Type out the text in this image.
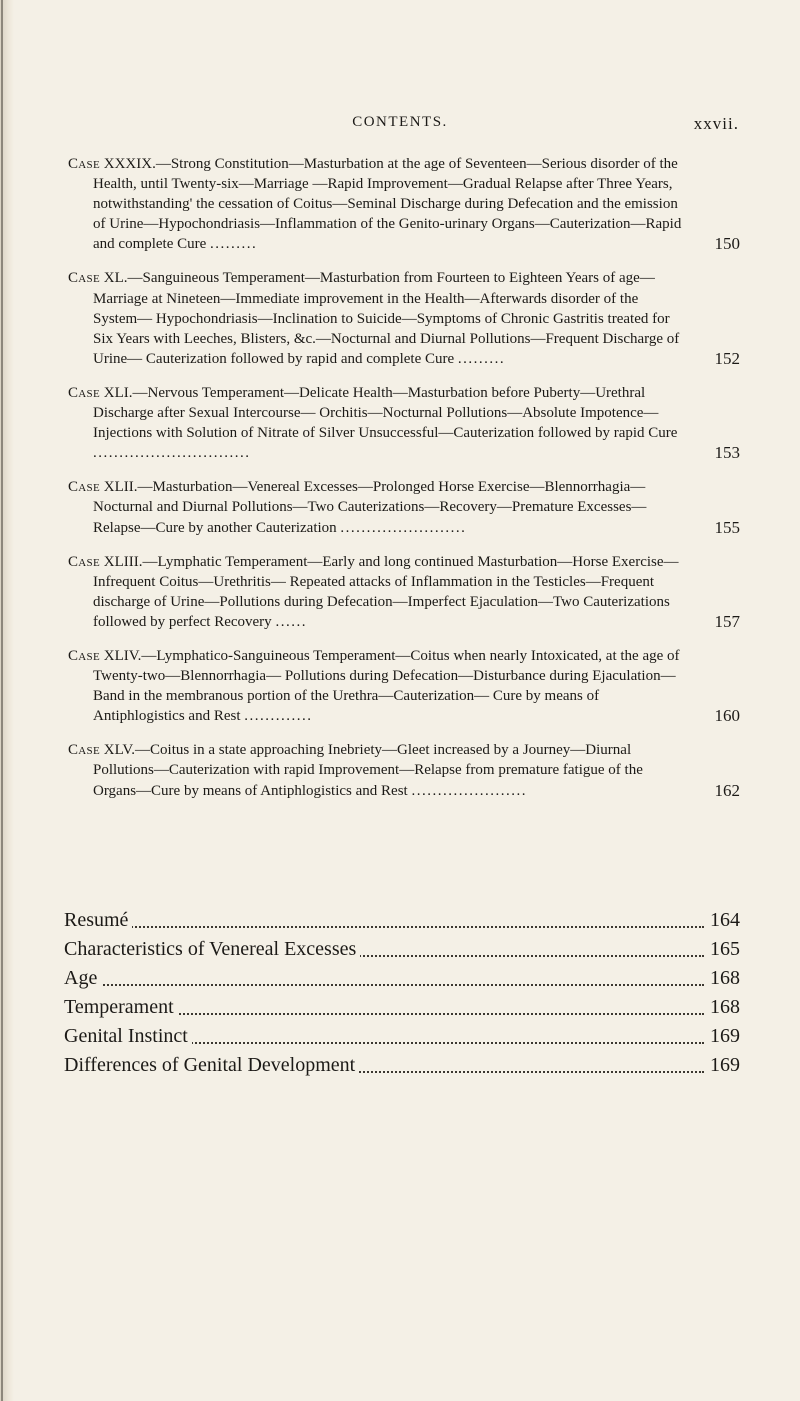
CONTENTS.	xxvii.
Case XXXIX.—Strong Constitution—Masturbation at the age of Seventeen—Serious disorder of the Health, until Twenty-six—Marriage —Rapid Improvement—Gradual Relapse after Three Years, notwithstanding' the cessation of Coitus—Seminal Discharge during Defecation and the emission of Urine—Hypochondriasis—Inflammation of the Genito-urinary Organs—Cauterization—Rapid and complete Cure .........	150
Case XL.—Sanguineous Temperament—Masturbation from Fourteen to Eighteen Years of age—Marriage at Nineteen—Immediate improvement in the Health—Afterwards disorder of the System— Hypochondriasis—Inclination to Suicide—Symptoms of Chronic Gastritis treated for Six Years with Leeches, Blisters, &c.—Nocturnal and Diurnal Pollutions—Frequent Discharge of Urine— Cauterization followed by rapid and complete Cure .........	152
Case XLI.—Nervous Temperament—Delicate Health—Masturbation before Puberty—Urethral Discharge after Sexual Intercourse— Orchitis—Nocturnal Pollutions—Absolute Impotence—Injections with Solution of Nitrate of Silver Unsuccessful—Cauterization followed by rapid Cure ..............................	153
Case XLII.—Masturbation—Venereal Excesses—Prolonged Horse Exercise—Blennorrhagia—Nocturnal and Diurnal Pollutions—Two Cauterizations—Recovery—Premature Excesses—Relapse—Cure by another Cauterization ........................	155
Case XLIII.—Lymphatic Temperament—Early and long continued Masturbation—Horse Exercise—Infrequent Coitus—Urethritis— Repeated attacks of Inflammation in the Testicles—Frequent discharge of Urine—Pollutions during Defecation—Imperfect Ejaculation—Two Cauterizations followed by perfect Recovery ......	157
Case XLIV.—Lymphatico-Sanguineous Temperament—Coitus when nearly Intoxicated, at the age of Twenty-two—Blennorrhagia— Pollutions during Defecation—Disturbance during Ejaculation— Band in the membranous portion of the Urethra—Cauterization— Cure by means of Antiphlogistics and Rest .............	160
Case XLV.—Coitus in a state approaching Inebriety—Gleet increased by a Journey—Diurnal Pollutions—Cauterization with rapid Improvement—Relapse from premature fatigue of the Organs—Cure by means of Antiphlogistics and Rest ......................	162
Resumé	164
Characteristics of Venereal Excesses	165
Age	168
Temperament	168
Genital Instinct	169
Differences of Genital Development	169
